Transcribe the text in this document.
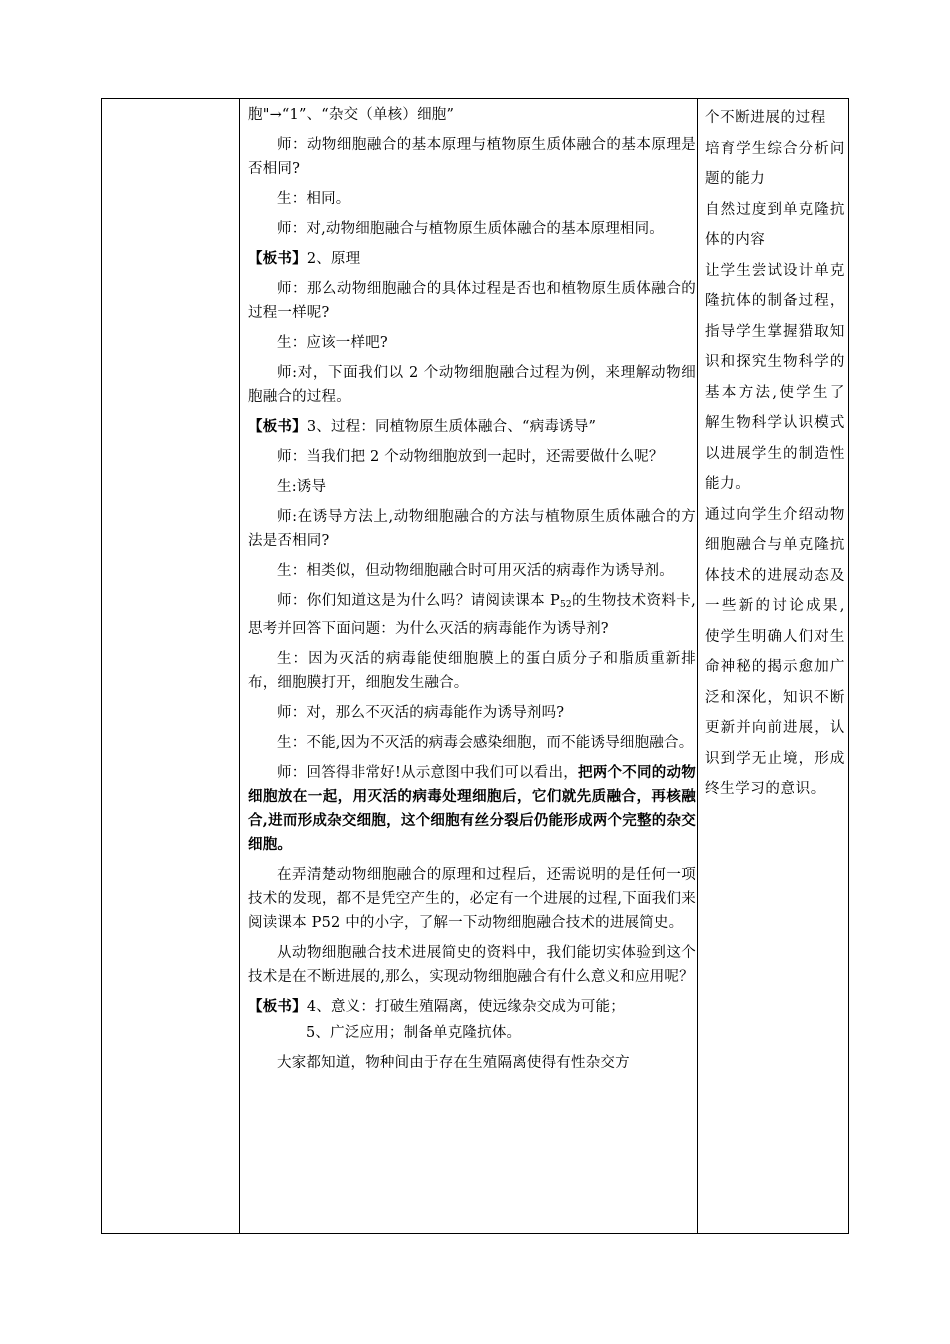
胞"→“1”、“杂交（单核）细胞”

师：动物细胞融合的基本原理与植物原生质体融合的基本原理是否相同?

生：相同。

师：对,动物细胞融合与植物原生质体融合的基本原理相同。

【板书】2、原理

师：那么动物细胞融合的具体过程是否也和植物原生质体融合的过程一样呢?

生：应该一样吧?

师:对，下面我们以 2 个动物细胞融合过程为例，来理解动物细胞融合的过程。

【板书】3、过程：同植物原生质体融合、“病毒诱导”

师：当我们把 2 个动物细胞放到一起时，还需要做什么呢？

生:诱导

师:在诱导方法上,动物细胞融合的方法与植物原生质体融合的方法是否相同?

生：相类似，但动物细胞融合时可用灭活的病毒作为诱导剂。

师：你们知道这是为什么吗？请阅读课本 $P_{52}$的生物技术资料卡,思考并回答下面问题：为什么灭活的病毒能作为诱导剂?

生：因为灭活的病毒能使细胞膜上的蛋白质分子和脂质重新排布，细胞膜打开，细胞发生融合。

师：对，那么不灭活的病毒能作为诱导剂吗?

生：不能,因为不灭活的病毒会感染细胞，而不能诱导细胞融合。

师：回答得非常好!从示意图中我们可以看出，把两个不同的动物细胞放在一起，用灭活的病毒处理细胞后，它们就先质融合，再核融合,进而形成杂交细胞，这个细胞有丝分裂后仍能形成两个完整的杂交细胞。

在弄清楚动物细胞融合的原理和过程后，还需说明的是任何一项技术的发现，都不是凭空产生的，必定有一个进展的过程,下面我们来阅读课本 P52 中的小字，了解一下动物细胞融合技术的进展简史。

从动物细胞融合技术进展简史的资料中，我们能切实体验到这个技术是在不断进展的,那么，实现动物细胞融合有什么意义和应用呢？

【板书】4、意义：打破生殖隔离，使远缘杂交成为可能；

5、广泛应用；制备单克隆抗体。

大家都知道，物种间由于存在生殖隔离使得有性杂交方

个不断进展的过程

培育学生综合分析问题的能力

自然过度到单克隆抗体的内容

让学生尝试设计单克隆抗体的制备过程，指导学生掌握猎取知识和探究生物科学的基本方法,使学生了解生物科学认识模式以进展学生的制造性能力。

通过向学生介绍动物细胞融合与单克隆抗体技术的进展动态及一些新的讨论成果,使学生明确人们对生命神秘的揭示愈加广泛和深化，知识不断更新并向前进展，认识到学无止境，形成终生学习的意识。
